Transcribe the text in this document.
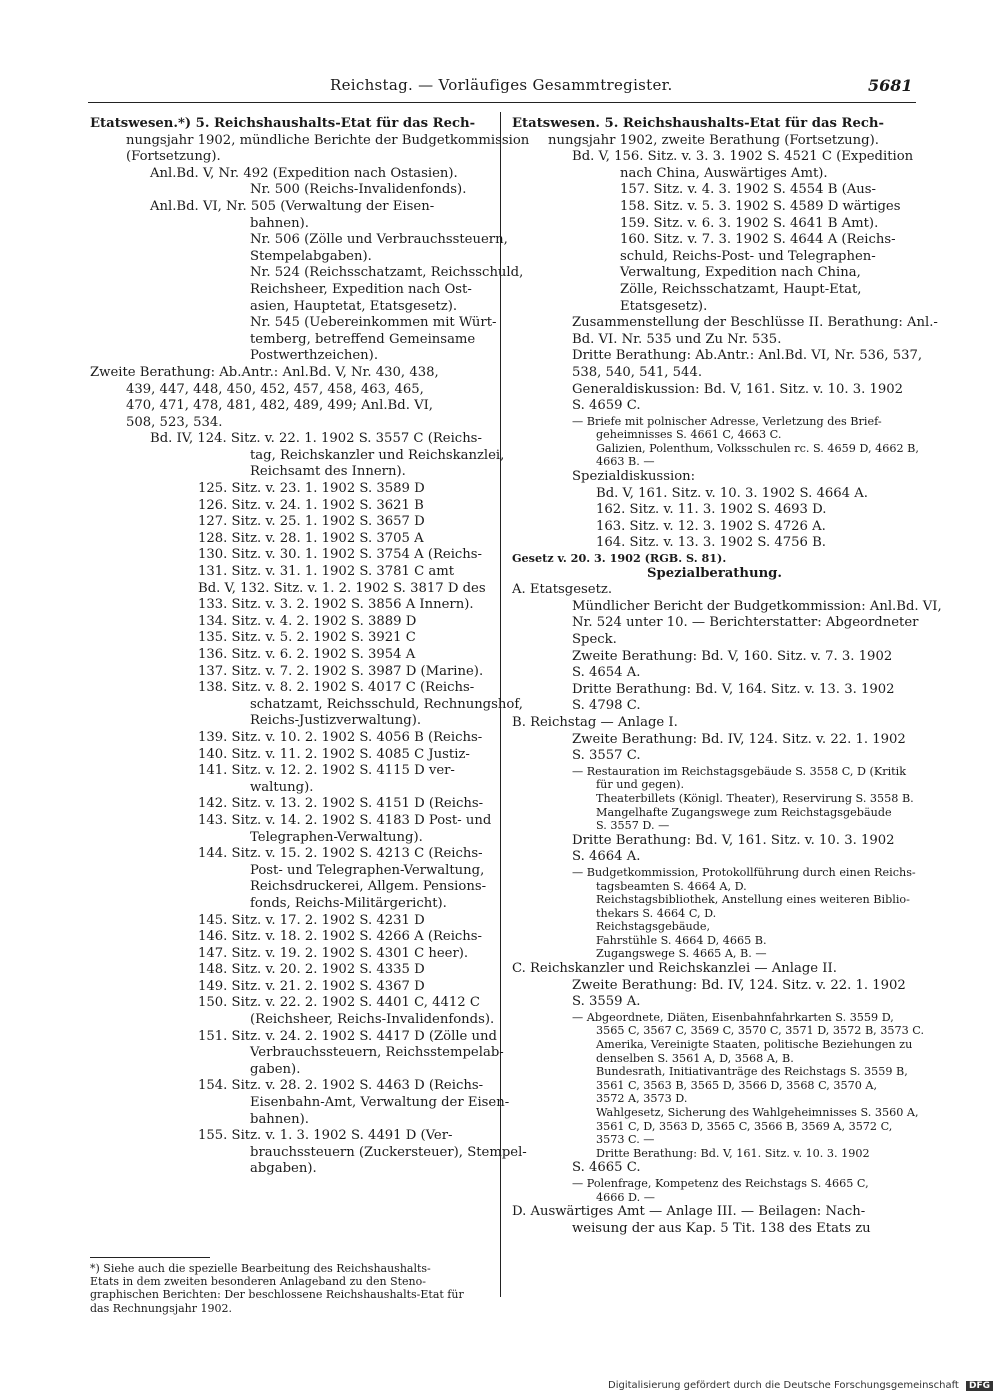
Reichstag. — Vorläufiges Gesammtregister.	5681
Etatswesen.*) 5. Reichshaushalts-Etat für das Rech-
nungsjahr 1902, mündliche Berichte der Budgetkommission
(Fortsetzung).
Anl.Bd. V, Nr. 492 (Expedition nach Ostasien).
Nr. 500 (Reichs-Invalidenfonds).
Anl.Bd. VI, Nr. 505 (Verwaltung der Eisen-
bahnen).
Nr. 506 (Zölle und Verbrauchssteuern,
Stempelabgaben).
Nr. 524 (Reichsschatzamt, Reichsschuld,
Reichsheer, Expedition nach Ost-
asien, Hauptetat, Etatsgesetz).
Nr. 545 (Uebereinkommen mit Würt-
temberg, betreffend Gemeinsame
Postwerthzeichen).
Zweite Berathung: Ab.Antr.: Anl.Bd. V, Nr. 430, 438,
439, 447, 448, 450, 452, 457, 458, 463, 465,
470, 471, 478, 481, 482, 489, 499; Anl.Bd. VI,
508, 523, 534.
Bd. IV, 124. Sitz. v. 22. 1. 1902 S. 3557 C (Reichs-
tag, Reichskanzler und Reichskanzlei,
Reichsamt des Innern).
125. Sitz. v. 23. 1. 1902 S. 3589 D
126. Sitz. v. 24. 1. 1902 S. 3621 B
127. Sitz. v. 25. 1. 1902 S. 3657 D
128. Sitz. v. 28. 1. 1902 S. 3705 A
130. Sitz. v. 30. 1. 1902 S. 3754 A (Reichs-
131. Sitz. v. 31. 1. 1902 S. 3781 C amt
Bd. V, 132. Sitz. v. 1. 2. 1902 S. 3817 D des
133. Sitz. v. 3. 2. 1902 S. 3856 A Innern).
134. Sitz. v. 4. 2. 1902 S. 3889 D
135. Sitz. v. 5. 2. 1902 S. 3921 C
136. Sitz. v. 6. 2. 1902 S. 3954 A
137. Sitz. v. 7. 2. 1902 S. 3987 D (Marine).
138. Sitz. v. 8. 2. 1902 S. 4017 C (Reichs-
schatzamt, Reichsschuld, Rechnungshof,
Reichs-Justizverwaltung).
139. Sitz. v. 10. 2. 1902 S. 4056 B (Reichs-
140. Sitz. v. 11. 2. 1902 S. 4085 C Justiz-
141. Sitz. v. 12. 2. 1902 S. 4115 D ver-
waltung).
142. Sitz. v. 13. 2. 1902 S. 4151 D (Reichs-
143. Sitz. v. 14. 2. 1902 S. 4183 D Post- und
Telegraphen-Verwaltung).
144. Sitz. v. 15. 2. 1902 S. 4213 C (Reichs-
Post- und Telegraphen-Verwaltung,
Reichsdruckerei, Allgem. Pensions-
fonds, Reichs-Militärgericht).
145. Sitz. v. 17. 2. 1902 S. 4231 D
146. Sitz. v. 18. 2. 1902 S. 4266 A (Reichs-
147. Sitz. v. 19. 2. 1902 S. 4301 C heer).
148. Sitz. v. 20. 2. 1902 S. 4335 D
149. Sitz. v. 21. 2. 1902 S. 4367 D
150. Sitz. v. 22. 2. 1902 S. 4401 C, 4412 C
(Reichsheer, Reichs-Invalidenfonds).
151. Sitz. v. 24. 2. 1902 S. 4417 D (Zölle und
Verbrauchssteuern, Reichsstempelab-
gaben).
154. Sitz. v. 28. 2. 1902 S. 4463 D (Reichs-
Eisenbahn-Amt, Verwaltung der Eisen-
bahnen).
155. Sitz. v. 1. 3. 1902 S. 4491 D (Ver-
brauchssteuern (Zuckersteuer), Stempel-
abgaben).
Etatswesen. 5. Reichshaushalts-Etat für das Rech-
nungsjahr 1902, zweite Berathung (Fortsetzung).
Bd. V, 156. Sitz. v. 3. 3. 1902 S. 4521 C (Expedition
nach China, Auswärtiges Amt).
157. Sitz. v. 4. 3. 1902 S. 4554 B (Aus-
158. Sitz. v. 5. 3. 1902 S. 4589 D wärtiges
159. Sitz. v. 6. 3. 1902 S. 4641 B Amt).
160. Sitz. v. 7. 3. 1902 S. 4644 A (Reichs-
schuld, Reichs-Post- und Telegraphen-
Verwaltung, Expedition nach China,
Zölle, Reichsschatzamt, Haupt-Etat,
Etatsgesetz).
Zusammenstellung der Beschlüsse II. Berathung: Anl.-
Bd. VI. Nr. 535 und Zu Nr. 535.
Dritte Berathung: Ab.Antr.: Anl.Bd. VI, Nr. 536, 537,
538, 540, 541, 544.
Generaldiskussion: Bd. V, 161. Sitz. v. 10. 3. 1902
S. 4659 C.
— Briefe mit polnischer Adresse, Verletzung des Brief-
geheimnisses S. 4661 C, 4663 C.
Galizien, Polenthum, Volksschulen rc. S. 4659 D, 4662 B,
4663 B. —
Spezialdiskussion:
Bd. V, 161. Sitz. v. 10. 3. 1902 S. 4664 A.
162. Sitz. v. 11. 3. 1902 S. 4693 D.
163. Sitz. v. 12. 3. 1902 S. 4726 A.
164. Sitz. v. 13. 3. 1902 S. 4756 B.
Gesetz v. 20. 3. 1902 (RGB. S. 81).
Spezialberathung.
A. Etatsgesetz.
Mündlicher Bericht der Budgetkommission: Anl.Bd. VI,
Nr. 524 unter 10. — Berichterstatter: Abgeordneter
Speck.
Zweite Berathung: Bd. V, 160. Sitz. v. 7. 3. 1902
S. 4654 A.
Dritte Berathung: Bd. V, 164. Sitz. v. 13. 3. 1902
S. 4798 C.
B. Reichstag — Anlage I.
Zweite Berathung: Bd. IV, 124. Sitz. v. 22. 1. 1902
S. 3557 C.
— Restauration im Reichstagsgebäude S. 3558 C, D (Kritik
für und gegen).
Theaterbillets (Königl. Theater), Reservirung S. 3558 B.
Mangelhafte Zugangswege zum Reichstagsgebäude
S. 3557 D. —
Dritte Berathung: Bd. V, 161. Sitz. v. 10. 3. 1902
S. 4664 A.
— Budgetkommission, Protokollführung durch einen Reichs-
tagsbeamten S. 4664 A, D.
Reichstagsbibliothek, Anstellung eines weiteren Biblio-
thekars S. 4664 C, D.
Reichstagsgebäude,
Fahrstühle S. 4664 D, 4665 B.
Zugangswege S. 4665 A, B. —
C. Reichskanzler und Reichskanzlei — Anlage II.
Zweite Berathung: Bd. IV, 124. Sitz. v. 22. 1. 1902
S. 3559 A.
— Abgeordnete, Diäten, Eisenbahnfahrkarten S. 3559 D,
3565 C, 3567 C, 3569 C, 3570 C, 3571 D, 3572 B, 3573 C.
Amerika, Vereinigte Staaten, politische Beziehungen zu
denselben S. 3561 A, D, 3568 A, B.
Bundesrath, Initiativanträge des Reichstags S. 3559 B,
3561 C, 3563 B, 3565 D, 3566 D, 3568 C, 3570 A,
3572 A, 3573 D.
Wahlgesetz, Sicherung des Wahlgeheimnisses S. 3560 A,
3561 C, D, 3563 D, 3565 C, 3566 B, 3569 A, 3572 C,
3573 C. —
Dritte Berathung: Bd. V, 161. Sitz. v. 10. 3. 1902
S. 4665 C.
— Polenfrage, Kompetenz des Reichstags S. 4665 C,
4666 D. —
D. Auswärtiges Amt — Anlage III. — Beilagen: Nach-
weisung der aus Kap. 5 Tit. 138 des Etats zu
*) Siehe auch die spezielle Bearbeitung des Reichshaushalts-
Etats in dem zweiten besonderen Anlageband zu den Steno-
graphischen Berichten: Der beschlossene Reichshaushalts-Etat für
das Rechnungsjahr 1902.
Digitalisierung gefördert durch die Deutsche Forschungsgemeinschaft DFG
